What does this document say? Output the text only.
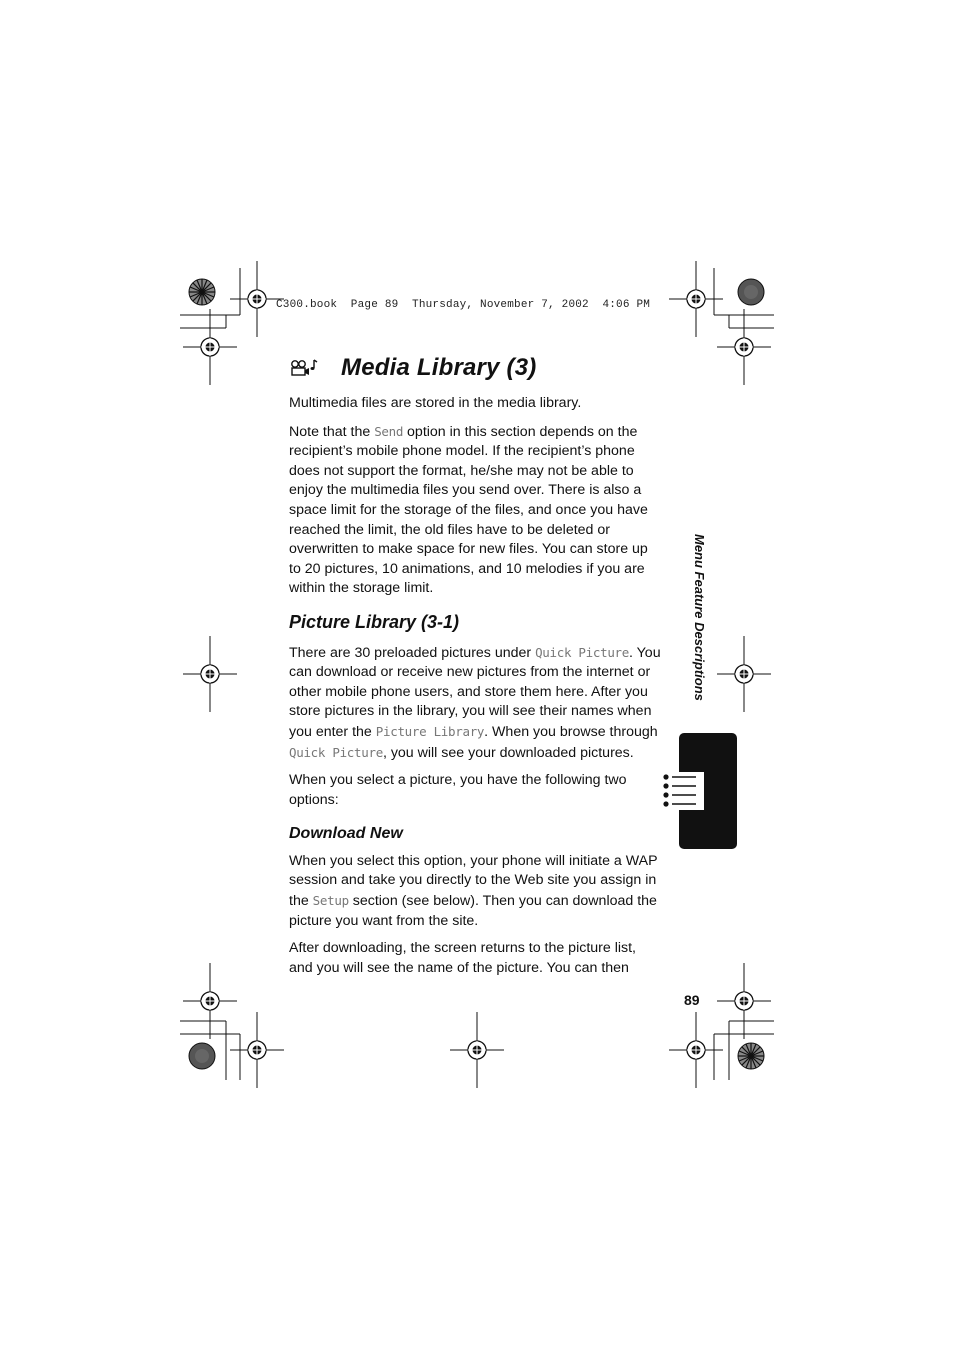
C300.book  Page 89  Thursday, November 7, 2002  4:06 PM
Media Library (3)

Multimedia files are stored in the media library.

Note that the Send option in this section depends on the recipient’s mobile phone model. If the recipient’s phone does not support the format, he/she may not be able to enjoy the multimedia files you send over. There is also a space limit for the storage of the files, and once you have reached the limit, the old files have to be deleted or overwritten to make space for new files. You can store up to 20 pictures, 10 animations, and 10 melodies if you are within the storage limit.

Picture Library (3-1)

There are 30 preloaded pictures under Quick Picture. You can download or receive new pictures from the internet or other mobile phone users, and store them here. After you store pictures in the library, you will see their names when you enter the Picture Library. When you browse through Quick Picture, you will see your downloaded pictures.

When you select a picture, you have the following two options:

Download New

When you select this option, your phone will initiate a WAP session and take you directly to the Web site you assign in the Setup section (see below). Then you can download the picture you want from the site.

After downloading, the screen returns to the picture list, and you will see the name of the picture. You can then

Menu Feature Descriptions
89
